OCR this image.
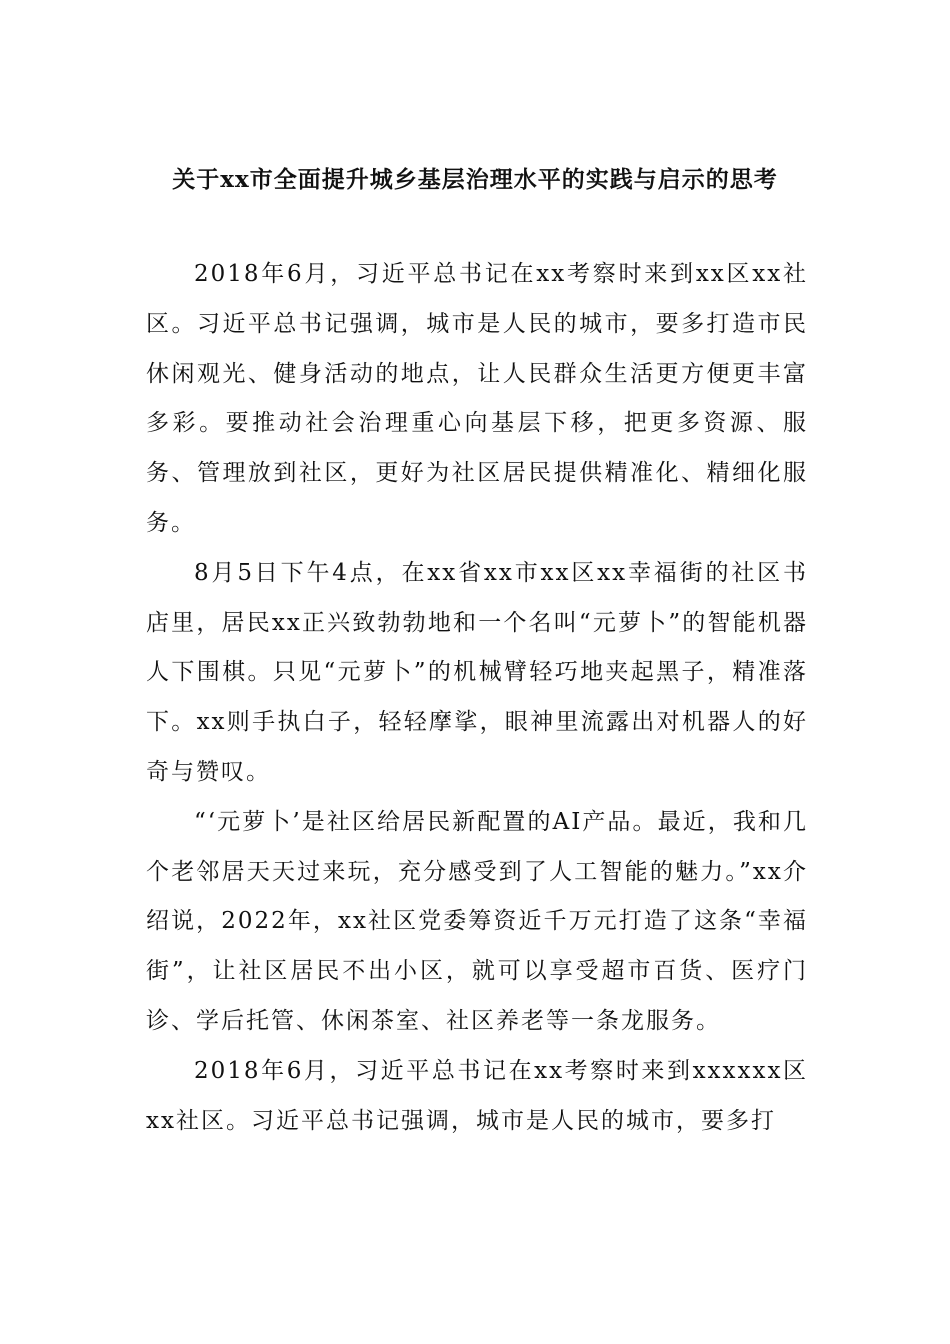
关于xx市全面提升城乡基层治理水平的实践与启示的思考

2018年6月，习近平总书记在xx考察时来到xx区xx社区。习近平总书记强调，城市是人民的城市，要多打造市民休闲观光、健身活动的地点，让人民群众生活更方便更丰富多彩。要推动社会治理重心向基层下移，把更多资源、服务、管理放到社区，更好为社区居民提供精准化、精细化服务。

8月5日下午4点，在xx省xx市xx区xx幸福街的社区书店里，居民xx正兴致勃勃地和一个名叫“元萝卜”的智能机器人下围棋。只见“元萝卜”的机械臂轻巧地夹起黑子，精准落下。xx则手执白子，轻轻摩挲，眼神里流露出对机器人的好奇与赞叹。

“‘元萝卜’是社区给居民新配置的AI产品。最近，我和几个老邻居天天过来玩，充分感受到了人工智能的魅力。”xx介绍说，2022年，xx社区党委筹资近千万元打造了这条“幸福街”，让社区居民不出小区，就可以享受超市百货、医疗门诊、学后托管、休闲茶室、社区养老等一条龙服务。

2018年6月，习近平总书记在xx考察时来到xxxxxx区xx社区。习近平总书记强调，城市是人民的城市，要多打
